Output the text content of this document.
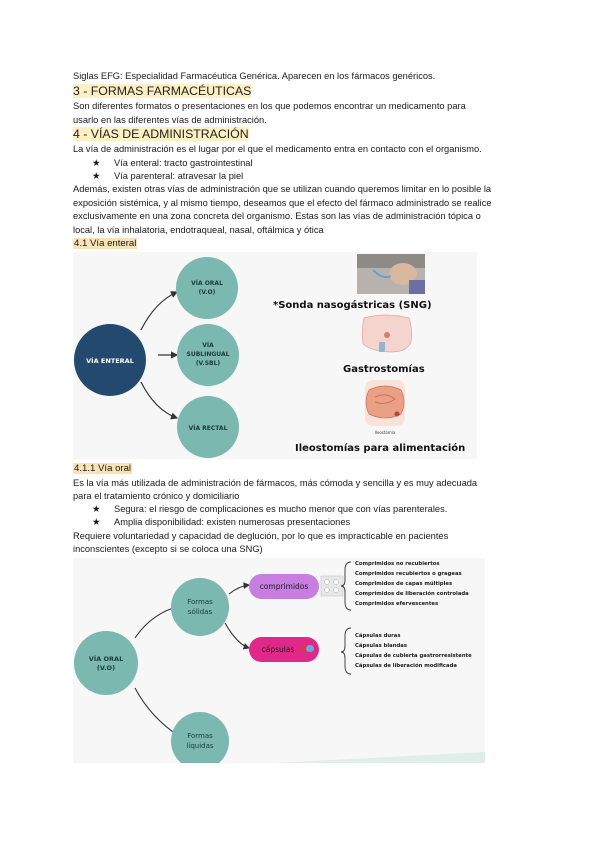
Siglas EFG: Especialidad Farmacéutica Genérica. Aparecen en los fármacos genéricos.
3 - FORMAS FARMACÉUTICAS
Son diferentes formatos o presentaciones en los que podemos encontrar un medicamento para
usarlo en las diferentes vías de administración.
4 - VÍAS DE ADMINISTRACIÓN
La vía de administración es el lugar por el que el medicamento entra en contacto con el organismo.
★ Vía enteral: tracto gastrointestinal
★ Vía parenteral: atravesar la piel
Además, existen otras vías de administración que se utilizan cuando queremos limitar en lo posible la
exposición sistémica, y al mismo tiempo, deseamos que el efecto del fármaco administrado se realice
exclusivamente en una zona concreta del organismo. Estas son las vías de administración tópica o
local, la vía inhalatoria, endotraqueal, nasal, oftálmica y ótica
4.1 Vía enteral
VÍA ENTERAL
VÍA ORAL
(V.O)
VÍA
SUBLINGUAL
(V.SBL)
VÍA RECTAL
*Sonda nasogástricas (SNG)
Gastrostomías
Ileostomía
Ileostomías para alimentación
4.1.1 Vía oral
Es la vía más utilizada de administración de fármacos, más cómoda y sencilla y es muy adecuada
para el tratamiento crónico y domiciliario
★ Segura: el riesgo de complicaciones es mucho menor que con vías parenterales.
★ Amplia disponibilidad: existen numerosas presentaciones
Requiere voluntariedad y capacidad de deglución, por lo que es impracticable en pacientes
inconscientes (excepto si se coloca una SNG)
VÍA ORAL
(V.O)
Formas
sólidas
Formas
líquidas
comprimidos
cápsulas
Comprimidos no recubiertos
Comprimidos recubiertos o grageas
Comprimidos de capas múltiples
Comprimidos de liberación controlada
Comprimidos efervescentes
Cápsulas duras
Cápsulas blandas
Cápsulas de cubierta gastrorresistente
Cápsulas de liberación modificada
